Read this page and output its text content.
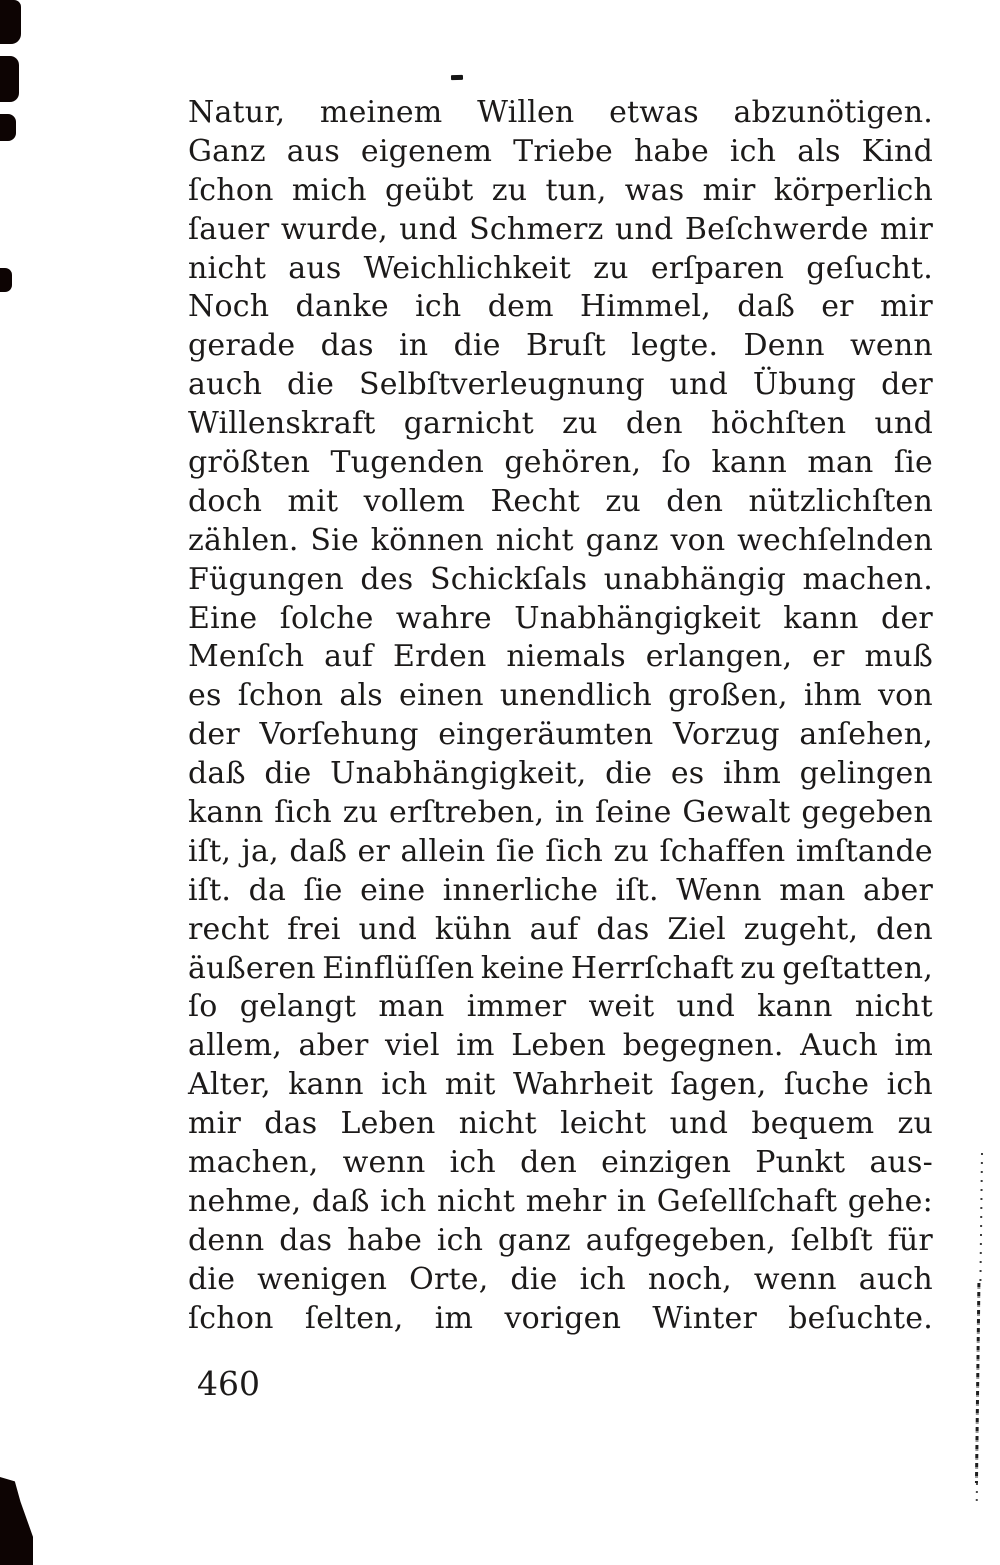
Natur, meinem Willen etwas abzunötigen.
Ganz aus eigenem Triebe habe ich als Kind
ſchon mich geübt zu tun, was mir körperlich
ſauer wurde, und Schmerz und Beſchwerde mir
nicht aus Weichlichkeit zu erſparen geſucht.
Noch danke ich dem Himmel, daß er mir
gerade das in die Bruſt legte. Denn wenn
auch die Selbſtverleugnung und Übung der
Willenskraft garnicht zu den höchſten und
größten Tugenden gehören, ſo kann man ſie
doch mit vollem Recht zu den nützlichſten
zählen. Sie können nicht ganz von wechſelnden
Fügungen des Schickſals unabhängig machen.
Eine ſolche wahre Unabhängigkeit kann der
Menſch auf Erden niemals erlangen, er muß
es ſchon als einen unendlich großen, ihm von
der Vorſehung eingeräumten Vorzug anſehen,
daß die Unabhängigkeit, die es ihm gelingen
kann ſich zu erſtreben, in ſeine Gewalt gegeben
iſt, ja, daß er allein ſie ſich zu ſchaffen imſtande
iſt. da ſie eine innerliche iſt. Wenn man aber
recht frei und kühn auf das Ziel zugeht, den
äußeren Einflüſſen keine Herrſchaft zu geſtatten,
ſo gelangt man immer weit und kann nicht
allem, aber viel im Leben begegnen. Auch im
Alter, kann ich mit Wahrheit ſagen, ſuche ich
mir das Leben nicht leicht und bequem zu
machen, wenn ich den einzigen Punkt aus-
nehme, daß ich nicht mehr in Geſellſchaft gehe:
denn das habe ich ganz aufgegeben, ſelbſt für
die wenigen Orte, die ich noch, wenn auch
ſchon ſelten, im vorigen Winter beſuchte.
460
